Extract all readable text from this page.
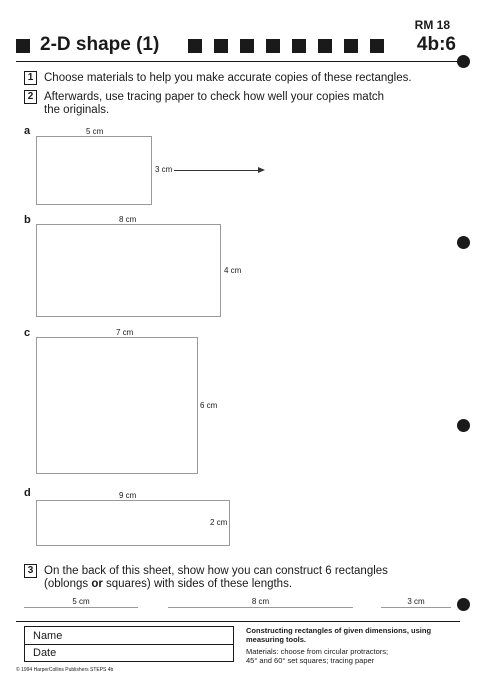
RM 18
2-D shape (1)	4b:6
1 Choose materials to help you make accurate copies of these rectangles.
2 Afterwards, use tracing paper to check how well your copies match
the originals.
a	5 cm
3 cm
b	8 cm
4 cm
c	7 cm
6 cm
d	9 cm
2 cm
3 On the back of this sheet, show how you can construct 6 rectangles
(oblongs or squares) with sides of these lengths.
5 cm	8 cm	3 cm
Name
Date
Constructing rectangles of given dimensions, using measuring tools.
Materials: choose from circular protractors;
45° and 60° set squares; tracing paper
© 1994 HarperCollins Publishers STEPS 4b
